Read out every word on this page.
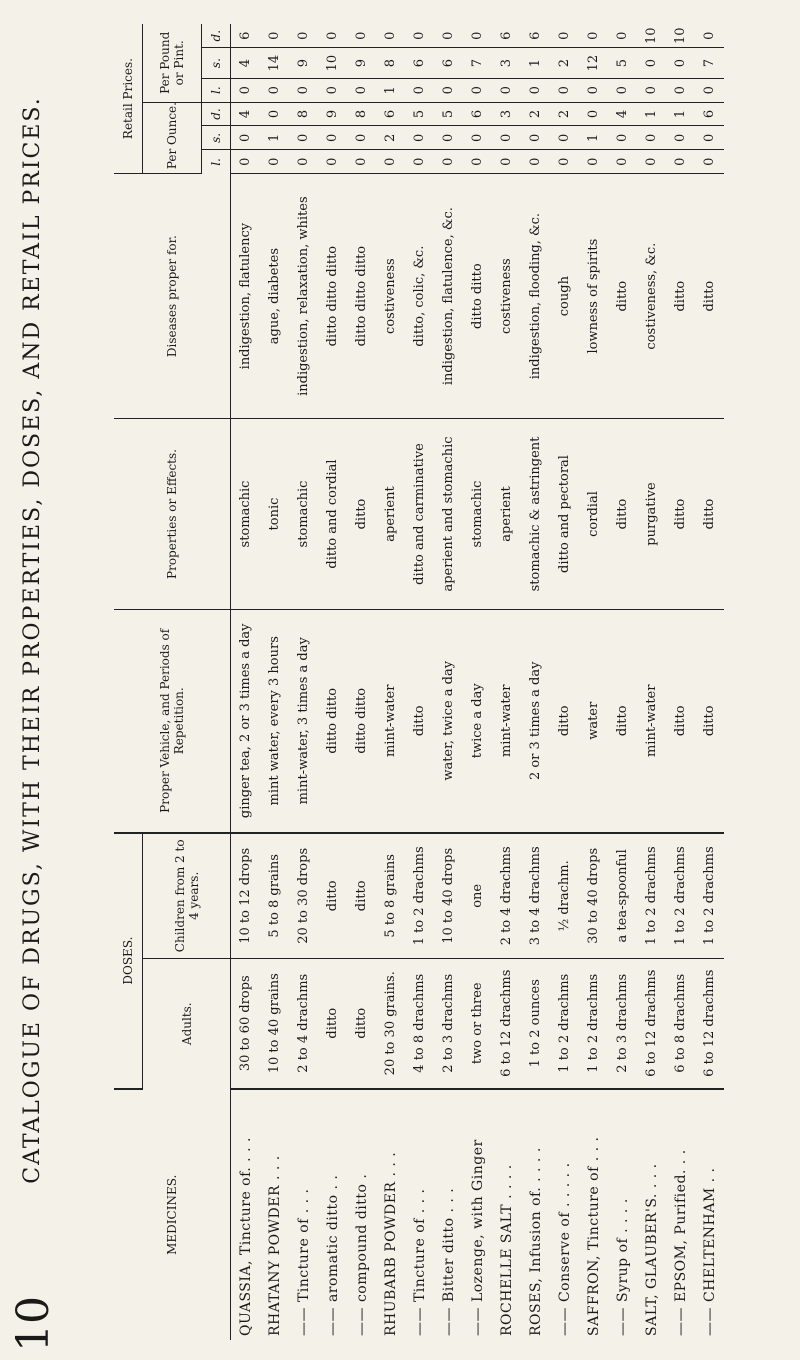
10
CATALOGUE OF DRUGS, WITH THEIR PROPERTIES, DOSES, AND RETAIL PRICES.
MEDICINES.	DOSES.		Proper Vehicle, and Periods of Repetition.	Properties or Effects.	Diseases proper for.	Retail Prices.					
	Adults.	Children from 2 to 4 years.				Per Ounce.			Per Pound or Pint.		
						l.	s.	d.	l.	s.	d.
QUASSIA, Tincture of. . . .	30 to 60 drops	10 to 12 drops	ginger tea, 2 or 3 times a day	stomachic	indigestion, flatulency	0	0	4	0	4	6
RHATANY POWDER . . .	10 to 40 grains	5 to 8 grains	mint water, every 3 hours	tonic	ague, diabetes	0	1	0	0	14	0
—— Tincture of . . .	2 to 4 drachms	20 to 30 drops	mint-water, 3 times a day	stomachic	indigestion, relaxation, whites	0	0	8	0	9	0
—— aromatic ditto . .	ditto	ditto	ditto ditto	ditto and cordial	ditto ditto ditto	0	0	9	0	10	0
—— compound ditto .	ditto	ditto	ditto ditto	ditto	ditto ditto ditto	0	0	8	0	9	0
RHUBARB POWDER . . .	20 to 30 grains.	5 to 8 grains	mint-water	aperient	costiveness	0	2	6	1	8	0
—— Tincture of . . .	4 to 8 drachms	1 to 2 drachms	ditto	ditto and carminative	ditto, colic, &c.	0	0	5	0	6	0
—— Bitter ditto . . .	2 to 3 drachms	10 to 40 drops	water, twice a day	aperient and stomachic	indigestion, flatulence, &c.	0	0	5	0	6	0
—— Lozenge, with Ginger	two or three	one	twice a day	stomachic	ditto ditto	0	0	6	0	7	0
ROCHELLE SALT . . . .	6 to 12 drachms	2 to 4 drachms	mint-water	aperient	costiveness	0	0	3	0	3	6
ROSES, Infusion of. . . . .	1 to 2 ounces	3 to 4 drachms	2 or 3 times a day	stomachic & astringent	indigestion, flooding, &c.	0	0	2	0	1	6
—— Conserve of . . . . .	1 to 2 drachms	½ drachm.	ditto	ditto and pectoral	cough	0	0	2	0	2	0
SAFFRON, Tincture of . . .	1 to 2 drachms	30 to 40 drops	water	cordial	lowness of spirits	0	1	0	0	12	0
—— Syrup of . . . .	2 to 3 drachms	a tea-spoonful	ditto	ditto	ditto	0	0	4	0	5	0
SALT, GLAUBER'S. . . .	6 to 12 drachms	1 to 2 drachms	mint-water	purgative	costiveness, &c.	0	0	1	0	0	10
—— EPSOM, Purified. . .	6 to 8 drachms	1 to 2 drachms	ditto	ditto	ditto	0	0	1	0	0	10
—— CHELTENHAM . .	6 to 12 drachms	1 to 2 drachms	ditto	ditto	ditto	0	0	6	0	7	0
